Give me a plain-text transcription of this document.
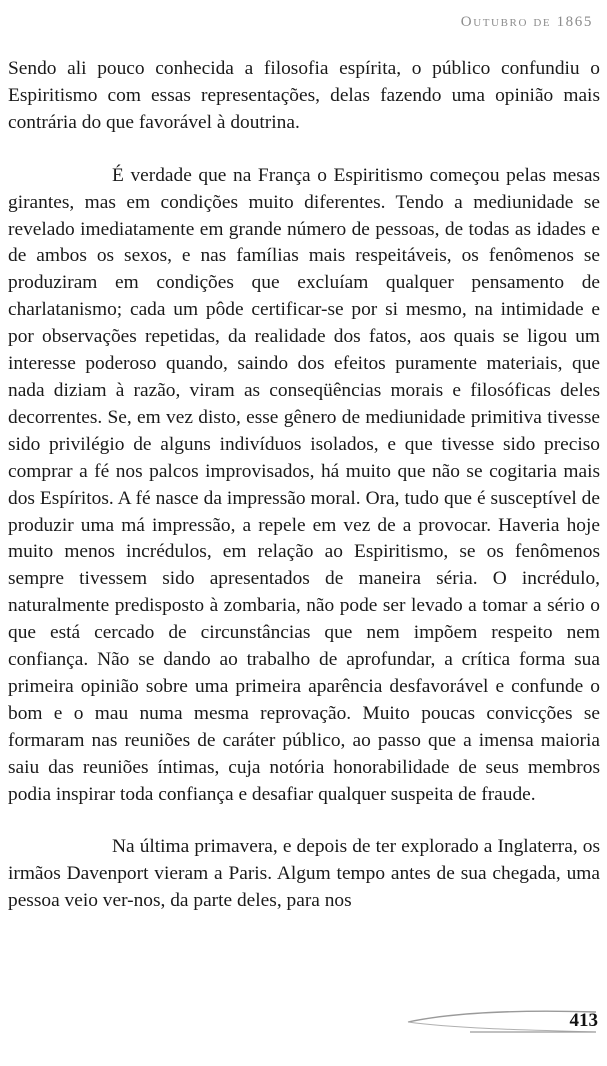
Outubro de 1865

Sendo ali pouco conhecida a filosofia espírita, o público confundiu o Espiritismo com essas representações, delas fazendo uma opinião mais contrária do que favorável à doutrina.

É verdade que na França o Espiritismo começou pelas mesas girantes, mas em condições muito diferentes. Tendo a mediunidade se revelado imediatamente em grande número de pessoas, de todas as idades e de ambos os sexos, e nas famílias mais respeitáveis, os fenômenos se produziram em condições que excluíam qualquer pensamento de charlatanismo; cada um pôde certificar-se por si mesmo, na intimidade e por observações repetidas, da realidade dos fatos, aos quais se ligou um interesse poderoso quando, saindo dos efeitos puramente materiais, que nada diziam à razão, viram as conseqüências morais e filosóficas deles decorrentes. Se, em vez disto, esse gênero de mediunidade primitiva tivesse sido privilégio de alguns indivíduos isolados, e que tivesse sido preciso comprar a fé nos palcos improvisados, há muito que não se cogitaria mais dos Espíritos. A fé nasce da impressão moral. Ora, tudo que é susceptível de produzir uma má impressão, a repele em vez de a provocar. Haveria hoje muito menos incrédulos, em relação ao Espiritismo, se os fenômenos sempre tivessem sido apresentados de maneira séria. O incrédulo, naturalmente predisposto à zombaria, não pode ser levado a tomar a sério o que está cercado de circunstâncias que nem impõem respeito nem confiança. Não se dando ao trabalho de aprofundar, a crítica forma sua primeira opinião sobre uma primeira aparência desfavorável e confunde o bom e o mau numa mesma reprovação. Muito poucas convicções se formaram nas reuniões de caráter público, ao passo que a imensa maioria saiu das reuniões íntimas, cuja notória honorabilidade de seus membros podia inspirar toda confiança e desafiar qualquer suspeita de fraude.

Na última primavera, e depois de ter explorado a Inglaterra, os irmãos Davenport vieram a Paris. Algum tempo antes de sua chegada, uma pessoa veio ver-nos, da parte deles, para nos

413
